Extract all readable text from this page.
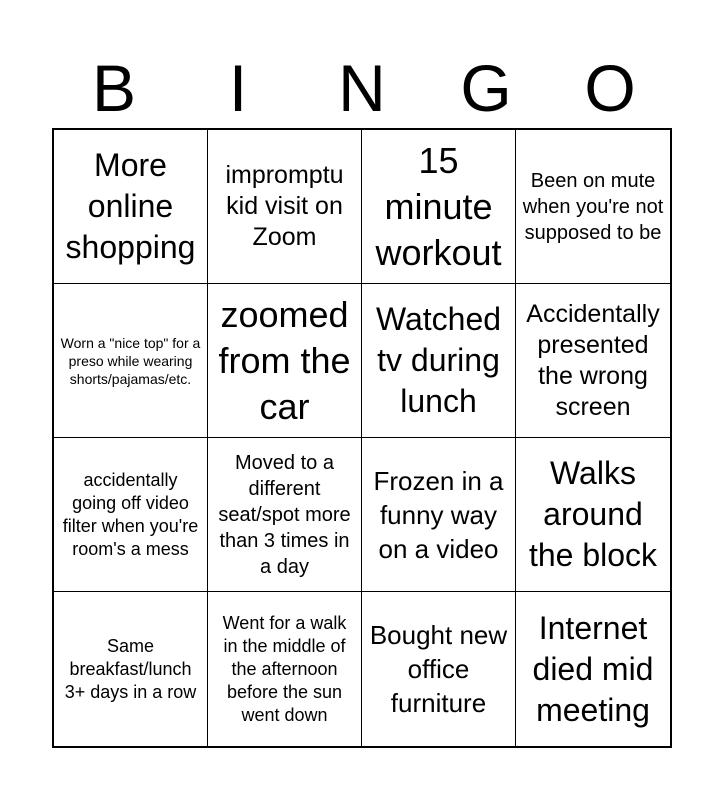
B	I	N	G	O
More online shopping
impromptu kid visit on Zoom
15 minute workout
Been on mute when you're not supposed to be
Worn a "nice top" for a preso while wearing shorts/pajamas/etc.
zoomed from the car
Watched tv during lunch
Accidentally presented the wrong screen
accidentally going off video filter when you're room's a mess
Moved to a different seat/spot more than 3 times in a day
Frozen in a funny way on a video
Walks around the block
Same breakfast/lunch 3+ days in a row
Went for a walk in the middle of the afternoon before the sun went down
Bought new office furniture
Internet died mid meeting
